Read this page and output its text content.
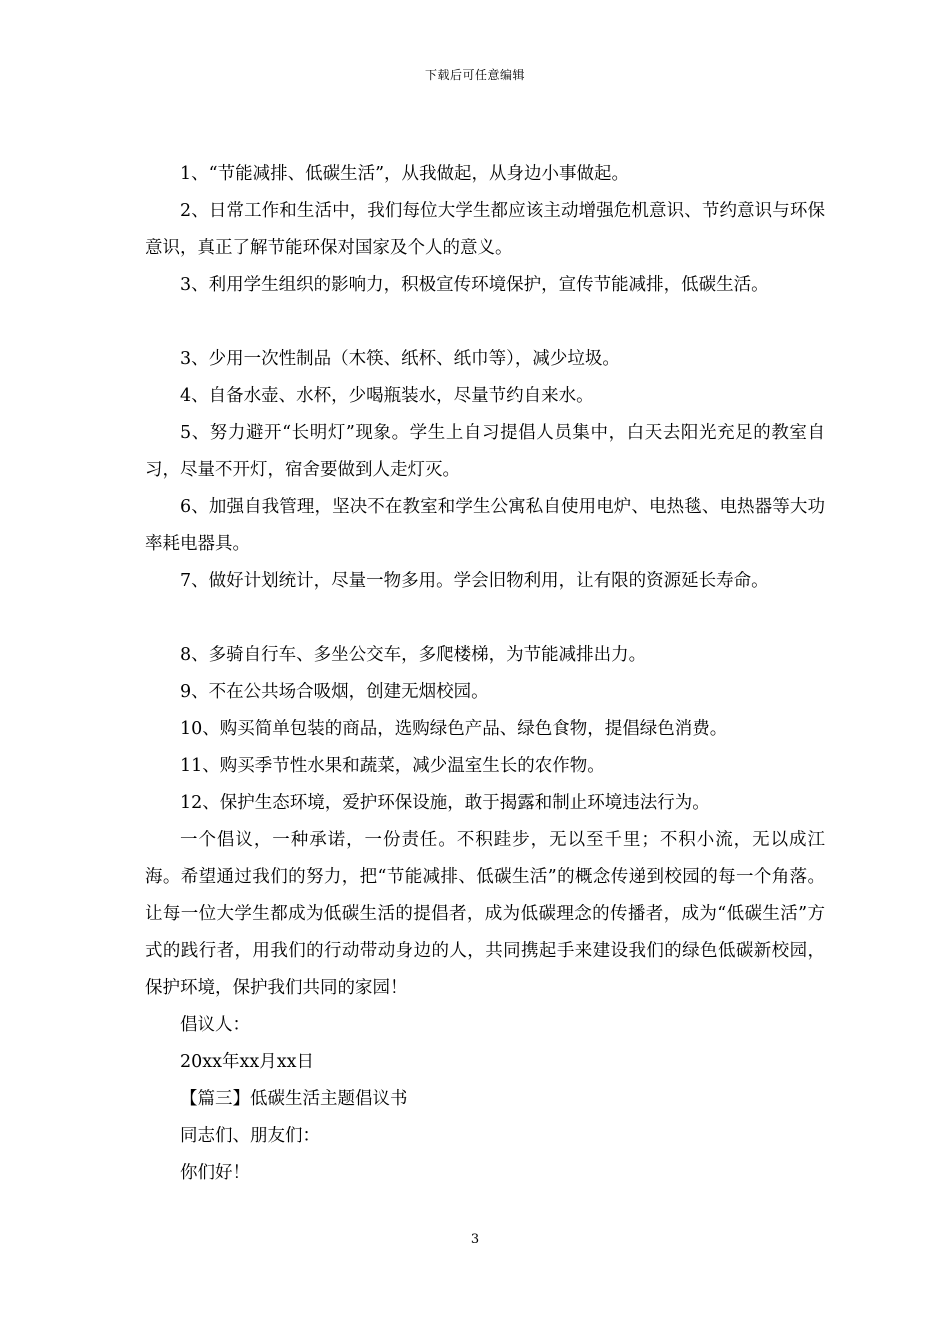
下载后可任意编辑

1、“节能减排、低碳生活”，从我做起，从身边小事做起。

2、日常工作和生活中，我们每位大学生都应该主动增强危机意识、节约意识与环保意识，真正了解节能环保对国家及个人的意义。

3、利用学生组织的影响力，积极宣传环境保护，宣传节能减排，低碳生活。

3、少用一次性制品（木筷、纸杯、纸巾等），减少垃圾。

4、自备水壶、水杯，少喝瓶装水，尽量节约自来水。

5、努力避开“长明灯”现象。学生上自习提倡人员集中，白天去阳光充足的教室自习，尽量不开灯，宿舍要做到人走灯灭。

6、加强自我管理，坚决不在教室和学生公寓私自使用电炉、电热毯、电热器等大功率耗电器具。

7、做好计划统计，尽量一物多用。学会旧物利用，让有限的资源延长寿命。

8、多骑自行车、多坐公交车，多爬楼梯，为节能减排出力。

9、不在公共场合吸烟，创建无烟校园。

10、购买简单包装的商品，选购绿色产品、绿色食物，提倡绿色消费。

11、购买季节性水果和蔬菜，减少温室生长的农作物。

12、保护生态环境，爱护环保设施，敢于揭露和制止环境违法行为。

一个倡议，一种承诺，一份责任。不积跬步，无以至千里；不积小流，无以成江海。希望通过我们的努力，把“节能减排、低碳生活”的概念传递到校园的每一个角落。让每一位大学生都成为低碳生活的提倡者，成为低碳理念的传播者，成为“低碳生活”方式的践行者，用我们的行动带动身边的人，共同携起手来建设我们的绿色低碳新校园，保护环境，保护我们共同的家园！

倡议人：

20xx年xx月xx日

【篇三】低碳生活主题倡议书

同志们、朋友们：

你们好！

3
